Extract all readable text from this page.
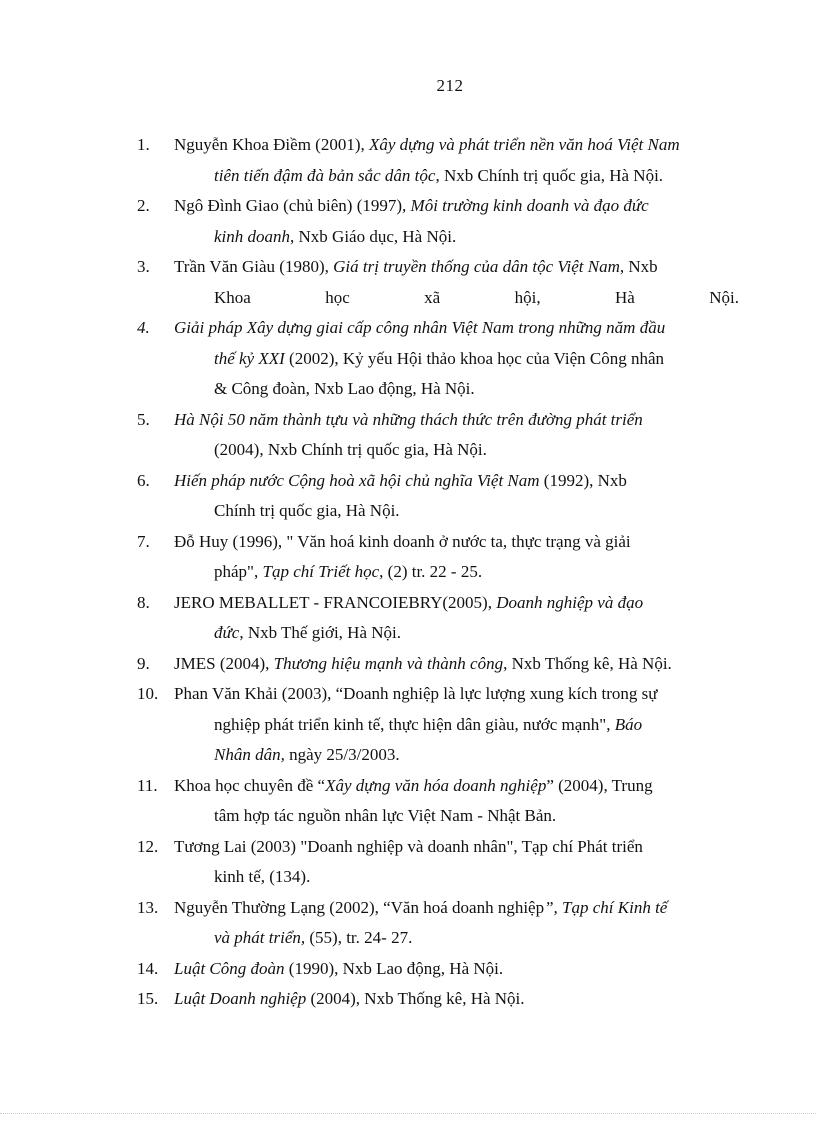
212
1.	Nguyễn Khoa Điềm (2001), Xây dựng và phát triển nền văn hoá Việt Nam
tiên tiến đậm đà bản sắc dân tộc, Nxb Chính trị quốc gia, Hà Nội.
2.	Ngô Đình Giao (chủ biên) (1997), Môi trường kinh doanh và đạo đức
kinh doanh, Nxb Giáo dục, Hà Nội.
3.	Trần Văn Giàu (1980), Giá trị truyền thống của dân tộc Việt Nam, Nxb
Khoa	học	xã	hội,	Hà	Nội.
4.	Giải pháp Xây dựng giai cấp công nhân Việt Nam trong những năm đầu
thế kỷ XXI (2002), Kỷ yếu Hội thảo khoa học của Viện Công nhân
& Công đoàn, Nxb Lao động, Hà Nội.
5.	Hà Nội 50 năm thành tựu và những thách thức trên đường phát triển
(2004), Nxb Chính trị quốc gia, Hà Nội.
6.	Hiến pháp nước Cộng hoà xã hội chủ nghĩa Việt Nam (1992), Nxb
Chính trị quốc gia, Hà Nội.
7.	Đỗ Huy (1996), " Văn hoá kinh doanh ở nước ta, thực trạng và giải
pháp", Tạp chí Triết học, (2) tr. 22 - 25.
8.	JERO MEBALLET - FRANCOIEBRY(2005), Doanh nghiệp và đạo
đức, Nxb Thế giới, Hà Nội.
9.	JMES (2004), Thương hiệu mạnh và thành công, Nxb Thống kê, Hà Nội.
10. Phan Văn Khải (2003), “Doanh nghiệp là lực lượng xung kích trong sự
nghiệp phát triển kinh tế, thực hiện dân giàu, nước mạnh", Báo
Nhân dân, ngày 25/3/2003.
11. Khoa học chuyên đề “Xây dựng văn hóa doanh nghiệp” (2004), Trung
tâm hợp tác nguồn nhân lực Việt Nam - Nhật Bản.
12. Tương Lai (2003) "Doanh nghiệp và doanh nhân", Tạp chí Phát triển
kinh tế, (134).
13. Nguyễn Thường Lạng (2002), “Văn hoá doanh nghiệp”, Tạp chí Kinh tế
và phát triển, (55), tr. 24- 27.
14. Luật Công đoàn (1990), Nxb Lao động, Hà Nội.
15. Luật Doanh nghiệp (2004), Nxb Thống kê, Hà Nội.
